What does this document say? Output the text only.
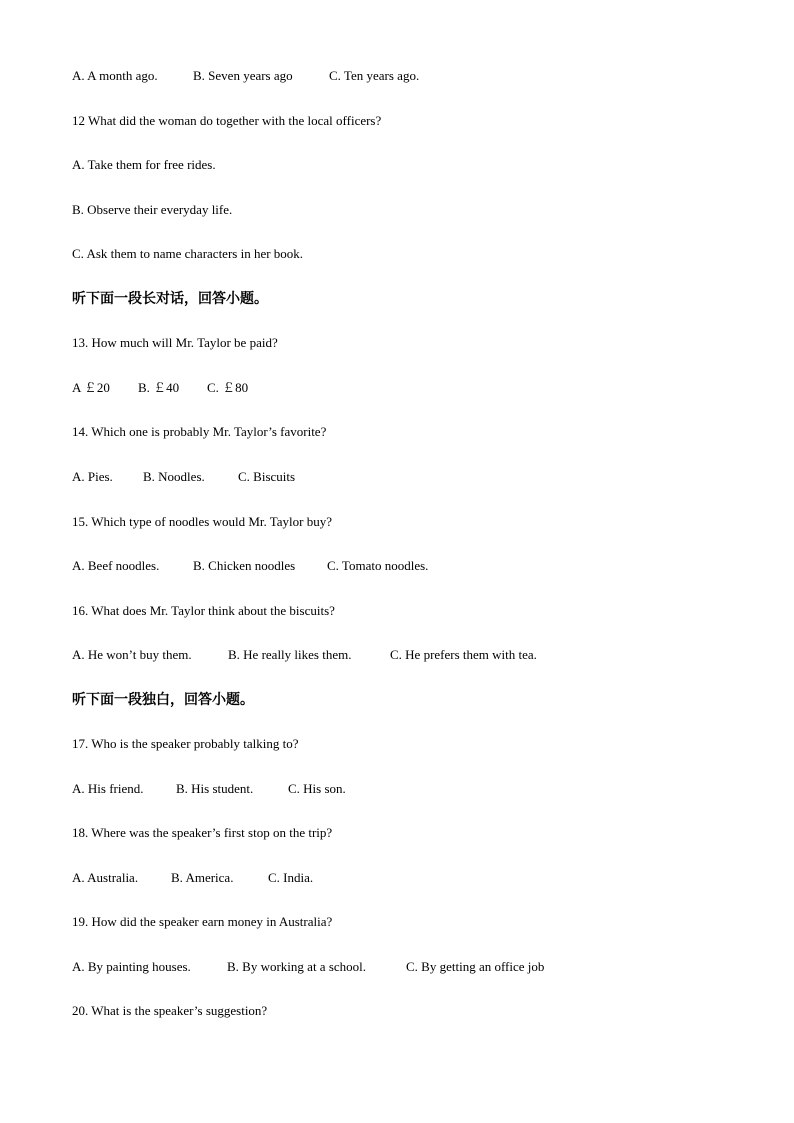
A. A month ago.	B. Seven years ago	C. Ten years ago.
12 What did the woman do together with the local officers?
A. Take them for free rides.
B. Observe their everyday life.
C. Ask them to name characters in her book.
听下面一段长对话，回答小题。
13. How much will Mr. Taylor be paid?
A ￡20 B. ￡40 C. ￡80
14. Which one is probably Mr. Taylor’s favorite?
A. Pies. B. Noodles.	C. Biscuits
15. Which type of noodles would Mr. Taylor buy?
A. Beef noodles.	B. Chicken noodles C. Tomato noodles.
16. What does Mr. Taylor think about the biscuits?
A. He won’t buy them.	B. He really likes them.	C. He prefers them with tea.
听下面一段独白，回答小题。
17. Who is the speaker probably talking to?
A. His friend.	B. His student.	C. His son.
18. Where was the speaker’s first stop on the trip?
A. Australia.	B. America.	C. India.
19. How did the speaker earn money in Australia?
A. By painting houses.	B. By working at a school.	C. By getting an office job
20. What is the speaker’s suggestion?
